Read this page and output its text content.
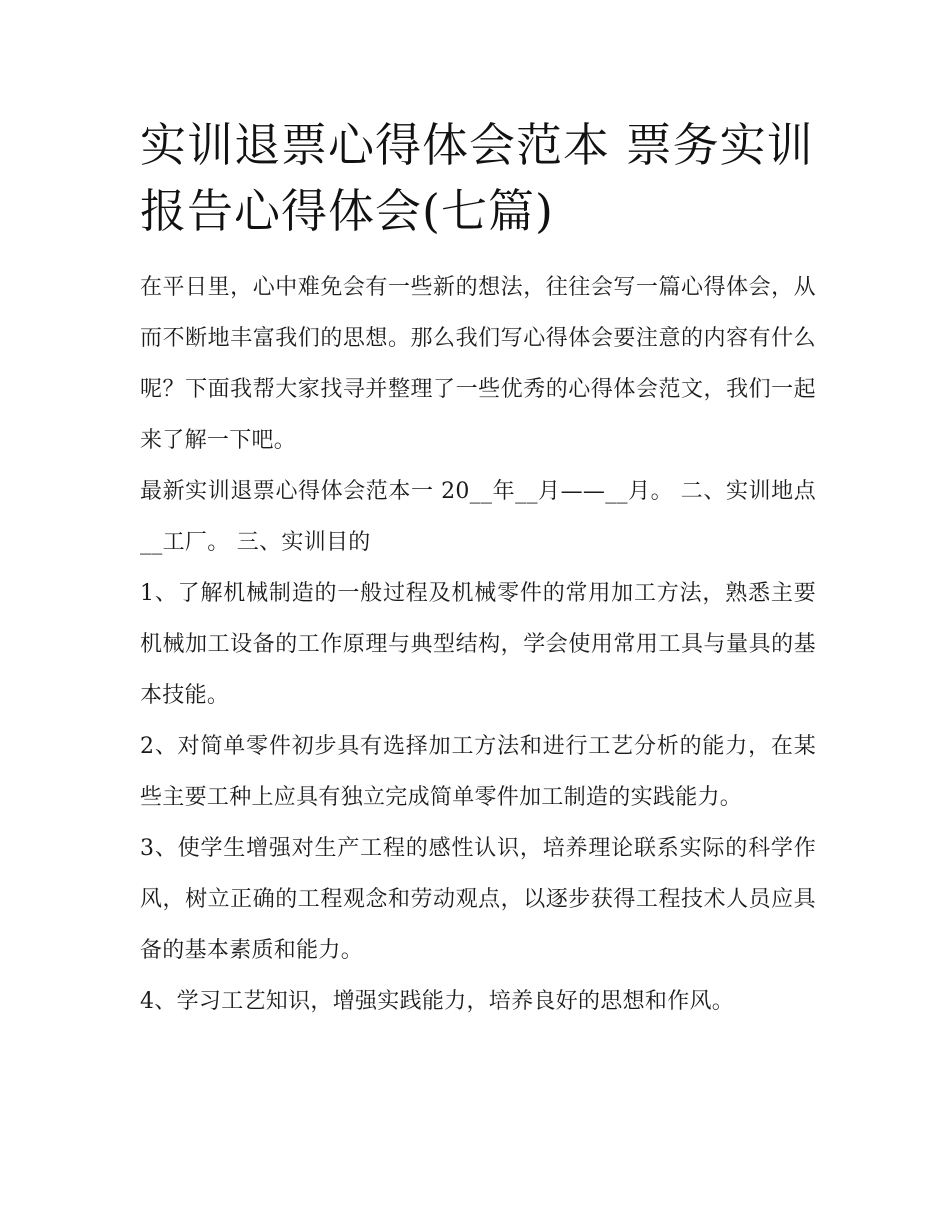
实训退票心得体会范本 票务实训报告心得体会(七篇)

在平日里，心中难免会有一些新的想法，往往会写一篇心得体会，从而不断地丰富我们的思想。那么我们写心得体会要注意的内容有什么呢？下面我帮大家找寻并整理了一些优秀的心得体会范文，我们一起来了解一下吧。

最新实训退票心得体会范本一 20__年__月——__月。 二、实训地点 __工厂。 三、实训目的

1、了解机械制造的一般过程及机械零件的常用加工方法，熟悉主要机械加工设备的工作原理与典型结构，学会使用常用工具与量具的基本技能。

2、对简单零件初步具有选择加工方法和进行工艺分析的能力，在某些主要工种上应具有独立完成简单零件加工制造的实践能力。

3、使学生增强对生产工程的感性认识，培养理论联系实际的科学作风，树立正确的工程观念和劳动观点，以逐步获得工程技术人员应具备的基本素质和能力。

4、学习工艺知识，增强实践能力，培养良好的思想和作风。
